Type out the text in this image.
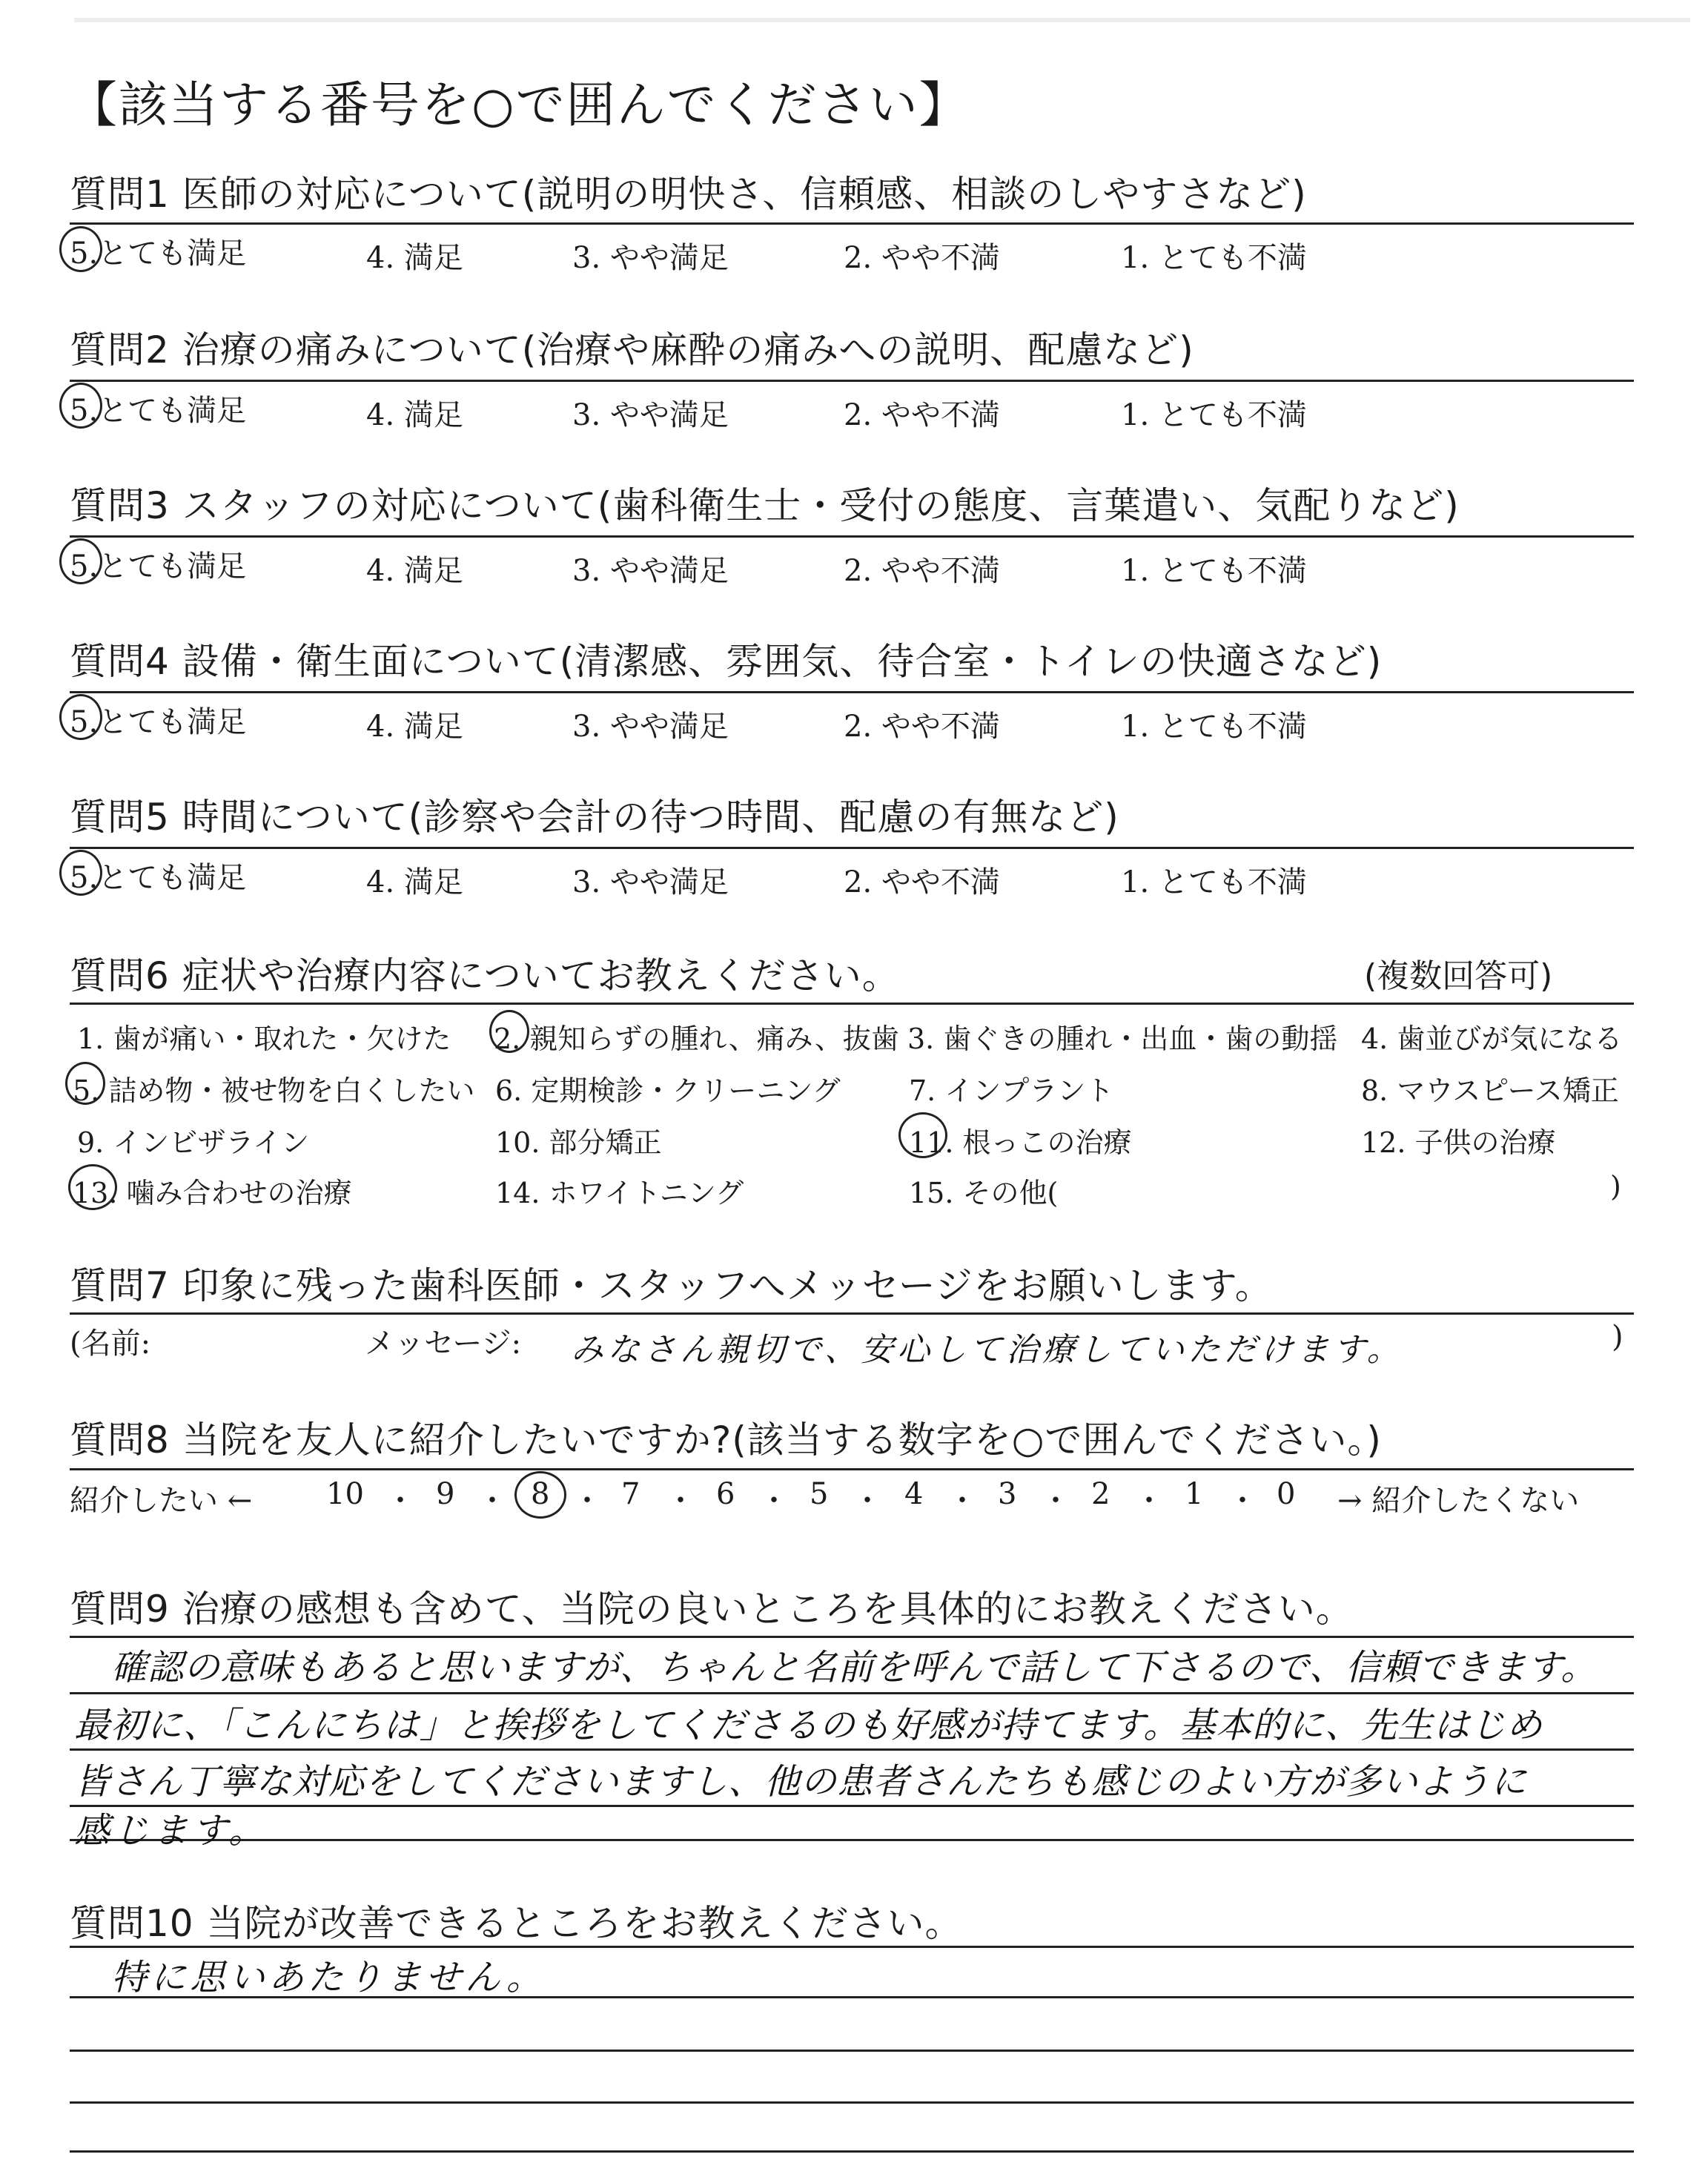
【該当する番号を○で囲んでください】
質問1 医師の対応について(説明の明快さ、信頼感、相談のしやすさなど)
5.とても満足	4. 満足	3. やや満足	2. やや不満	1. とても不満
質問2 治療の痛みについて(治療や麻酔の痛みへの説明、配慮など)
5.とても満足	4. 満足	3. やや満足	2. やや不満	1. とても不満
質問3 スタッフの対応について(歯科衛生士・受付の態度、言葉遣い、気配りなど)
5.とても満足	4. 満足	3. やや満足	2. やや不満	1. とても不満
質問4 設備・衛生面について(清潔感、雰囲気、待合室・トイレの快適さなど)
5.とても満足	4. 満足	3. やや満足	2. やや不満	1. とても不満
質問5 時間について(診察や会計の待つ時間、配慮の有無など)
5.とても満足	4. 満足	3. やや満足	2. やや不満	1. とても不満
質問6 症状や治療内容についてお教えください。	(複数回答可)
1. 歯が痛い・取れた・欠けた 2. 親知らずの腫れ、痛み、抜歯 3. 歯ぐきの腫れ・出血・歯の動揺 4. 歯並びが気になる
5. 詰め物・被せ物を白くしたい 6. 定期検診・クリーニング 7. インプラント	8. マウスピース矯正
9. インビザライン	10. 部分矯正	11. 根っこの治療	12. 子供の治療
13. 噛み合わせの治療	14. ホワイトニング	15. その他(	)
質問7 印象に残った歯科医師・スタッフへメッセージをお願いします。
(名前:	メッセージ: みなさん親切で、安心して治療していただけます。	)
質問8 当院を友人に紹介したいですか?(該当する数字を○で囲んでください。)
紹介したい ← 10 ・ 9 ・ 8 ・ 7 ・ 6 ・ 5 ・ 4 ・ 3 ・ 2 ・ 1 ・ 0 → 紹介したくない
質問9 治療の感想も含めて、当院の良いところを具体的にお教えください。
確認の意味もあると思いますが、ちゃんと名前を呼んで話して下さるので、信頼できます。
最初に、「こんにちは」と挨拶をしてくださるのも好感が持てます。基本的に、先生はじめ
皆さん丁寧な対応をしてくださいますし、他の患者さんたちも感じのよい方が多いように
感じます。
質問10 当院が改善できるところをお教えください。
特に思いあたりません。
